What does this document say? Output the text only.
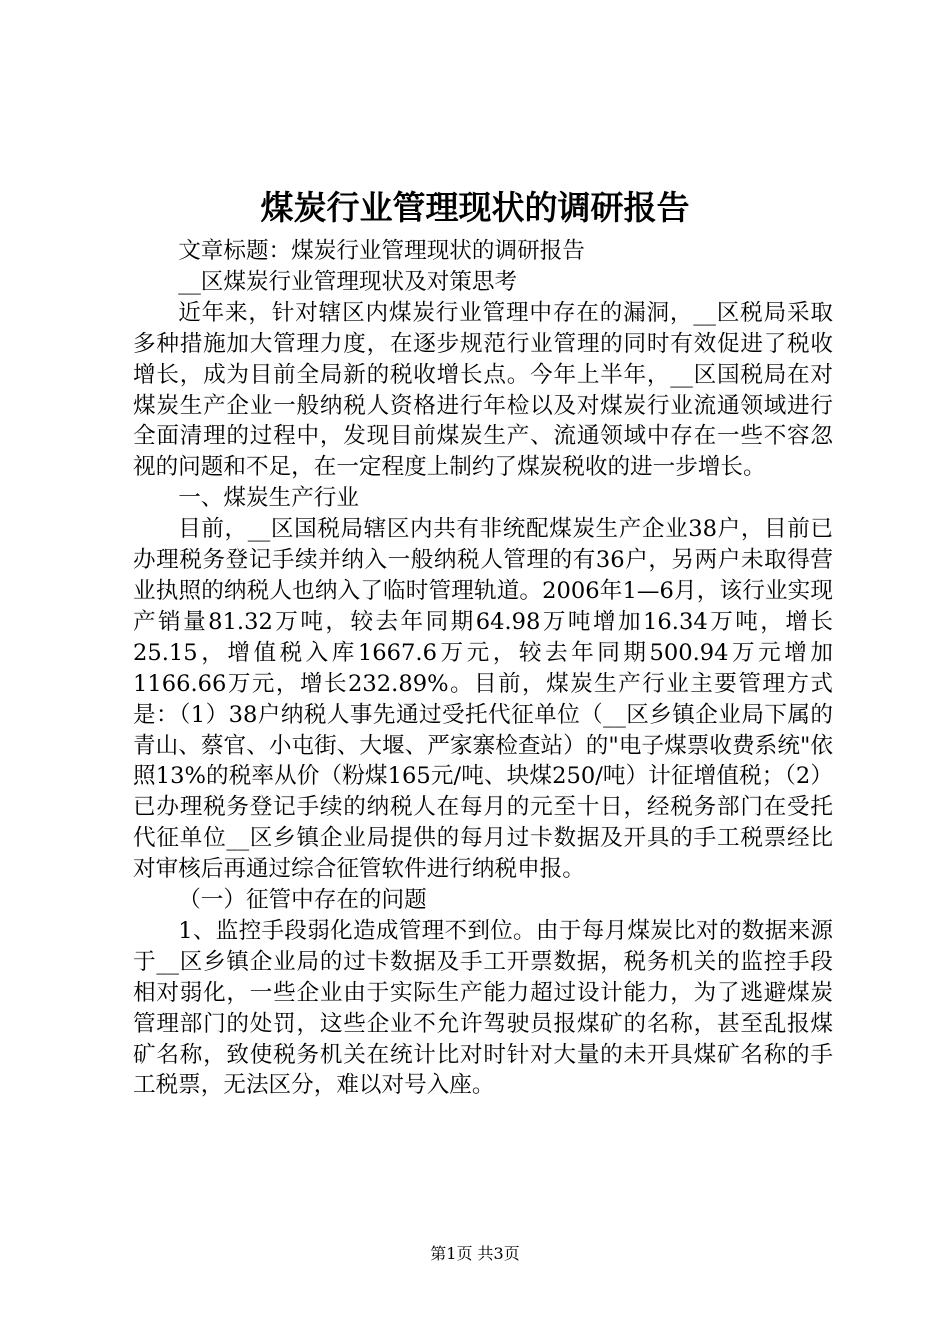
煤炭行业管理现状的调研报告

文章标题：煤炭行业管理现状的调研报告

__区煤炭行业管理现状及对策思考

近年来，针对辖区内煤炭行业管理中存在的漏洞，__区税局采取多种措施加大管理力度，在逐步规范行业管理的同时有效促进了税收增长，成为目前全局新的税收增长点。今年上半年，__区国税局在对煤炭生产企业一般纳税人资格进行年检以及对煤炭行业流通领域进行全面清理的过程中，发现目前煤炭生产、流通领域中存在一些不容忽视的问题和不足，在一定程度上制约了煤炭税收的进一步增长。

一、煤炭生产行业

目前，__区国税局辖区内共有非统配煤炭生产企业38户，目前已办理税务登记手续并纳入一般纳税人管理的有36户，另两户未取得营业执照的纳税人也纳入了临时管理轨道。2006年1—6月，该行业实现产销量81.32万吨，较去年同期64.98万吨增加16.34万吨，增长25.15，增值税入库1667.6万元，较去年同期500.94万元增加1166.66万元，增长232.89%。目前，煤炭生产行业主要管理方式是：（1）38户纳税人事先通过受托代征单位（__区乡镇企业局下属的青山、蔡官、小屯街、大堰、严家寨检查站）的"电子煤票收费系统"依照13%的税率从价（粉煤165元/吨、块煤250/吨）计征增值税；（2）已办理税务登记手续的纳税人在每月的元至十日，经税务部门在受托代征单位__区乡镇企业局提供的每月过卡数据及开具的手工税票经比对审核后再通过综合征管软件进行纳税申报。

（一）征管中存在的问题

1、监控手段弱化造成管理不到位。由于每月煤炭比对的数据来源于__区乡镇企业局的过卡数据及手工开票数据，税务机关的监控手段相对弱化，一些企业由于实际生产能力超过设计能力，为了逃避煤炭管理部门的处罚，这些企业不允许驾驶员报煤矿的名称，甚至乱报煤矿名称，致使税务机关在统计比对时针对大量的未开具煤矿名称的手工税票，无法区分，难以对号入座。

第1页 共3页
